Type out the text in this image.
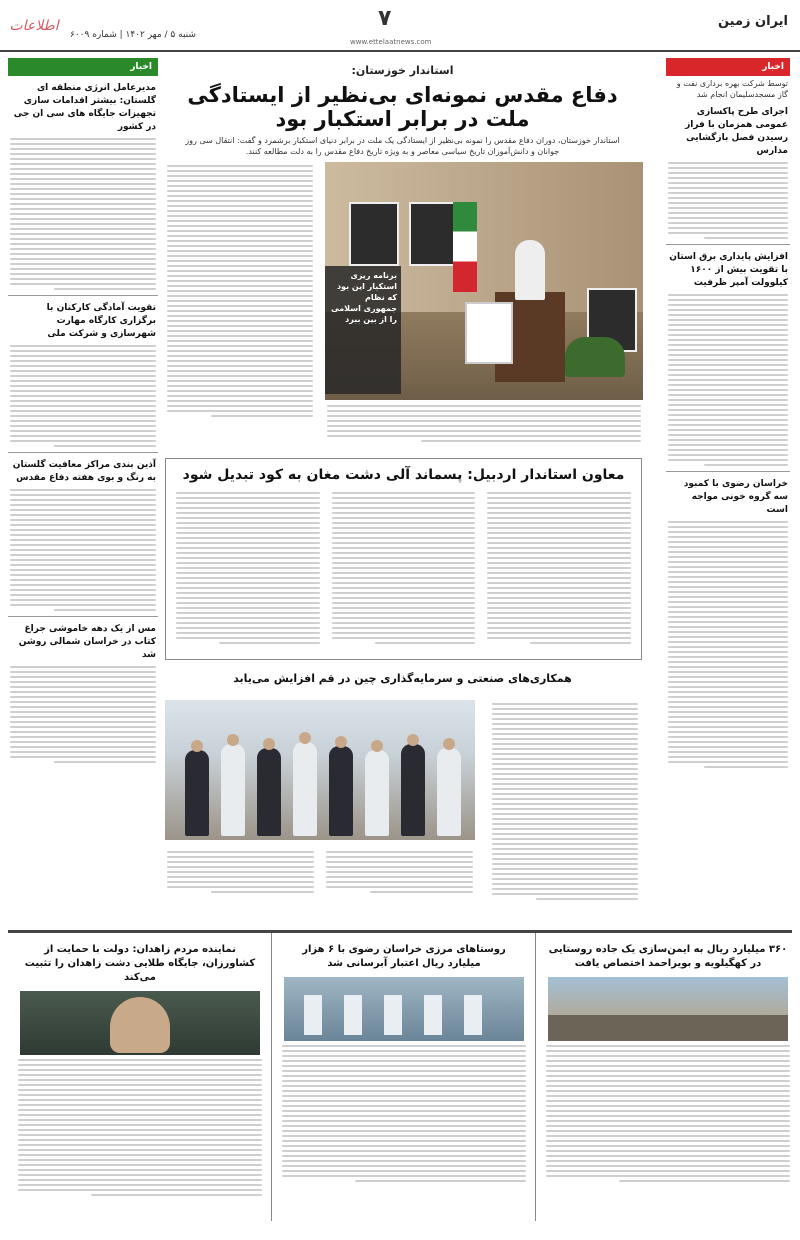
ایران زمین
۷
www.ettelaatnews.com
شنبه ۵ / مهر ۱۴۰۲ | شماره ۶۰۰۹
اطلاعات
اخبار
توسط شرکت بهره برداری نفت و گاز مسجدسلیمان انجام شد
اجرای طرح پاکسازی عمومی همزمان با فراز رسیدن فصل بازگشایی مدارس
افزایش پایداری برق استان با تقویت بیش از ۱۶۰۰ کیلوولت آمپر ظرفیت
خراسان رضوی با کمبود سه گروه خونی مواجه است
اخبار
مدیرعامل انرژی منطقه ای گلستان: بیشتر اقدامات سازی تجهیزات جایگاه های سی ان جی در کشور
تقویت آمادگی کارکنان با برگزاری کارگاه مهارت شهرسازی و شرکت ملی
آذین بندی مراکز معافیت گلستان به رنگ و بوی هفته دفاع مقدس
مس از یک دهه خاموشی جراغ کتاب در خراسان شمالی روشن شد
استاندار خوزستان:
دفاع مقدس نمونه‌ای بی‌نظیر از ایستادگی ملت در برابر استکبار بود
استاندار خوزستان، دوران دفاع مقدس را نمونه بی‌نظیر از ایستادگی یک ملت در برابر دنیای استکبار برشمرد و گفت: انتقال سی روز جوانان و دانش‌آموزان تاریخ سیاسی معاصر و به ویژه تاریخ دفاع مقدس را به دلت مطالعه کنند.
برنامه ریزی استکبار این بود که نظام جمهوری اسلامی را از بین ببرد
معاون استاندار اردبیل: پسماند آلی دشت مغان به کود تبدیل شود
همکاری‌های صنعتی و سرمایه‌گذاری چین در قم افزایش می‌یابد
۳۶۰ میلیارد ریال به ایمن‌سازی یک جاده روستایی در کهگیلویه و بویراحمد اختصاص یافت
روستاهای مرزی خراسان رضوی با ۶ هزار میلیارد ریال اعتبار آبرسانی شد
نماینده مردم زاهدان: دولت با حمایت از کشاورزان، جایگاه طلایی دشت زاهدان را تثبیت می‌کند
